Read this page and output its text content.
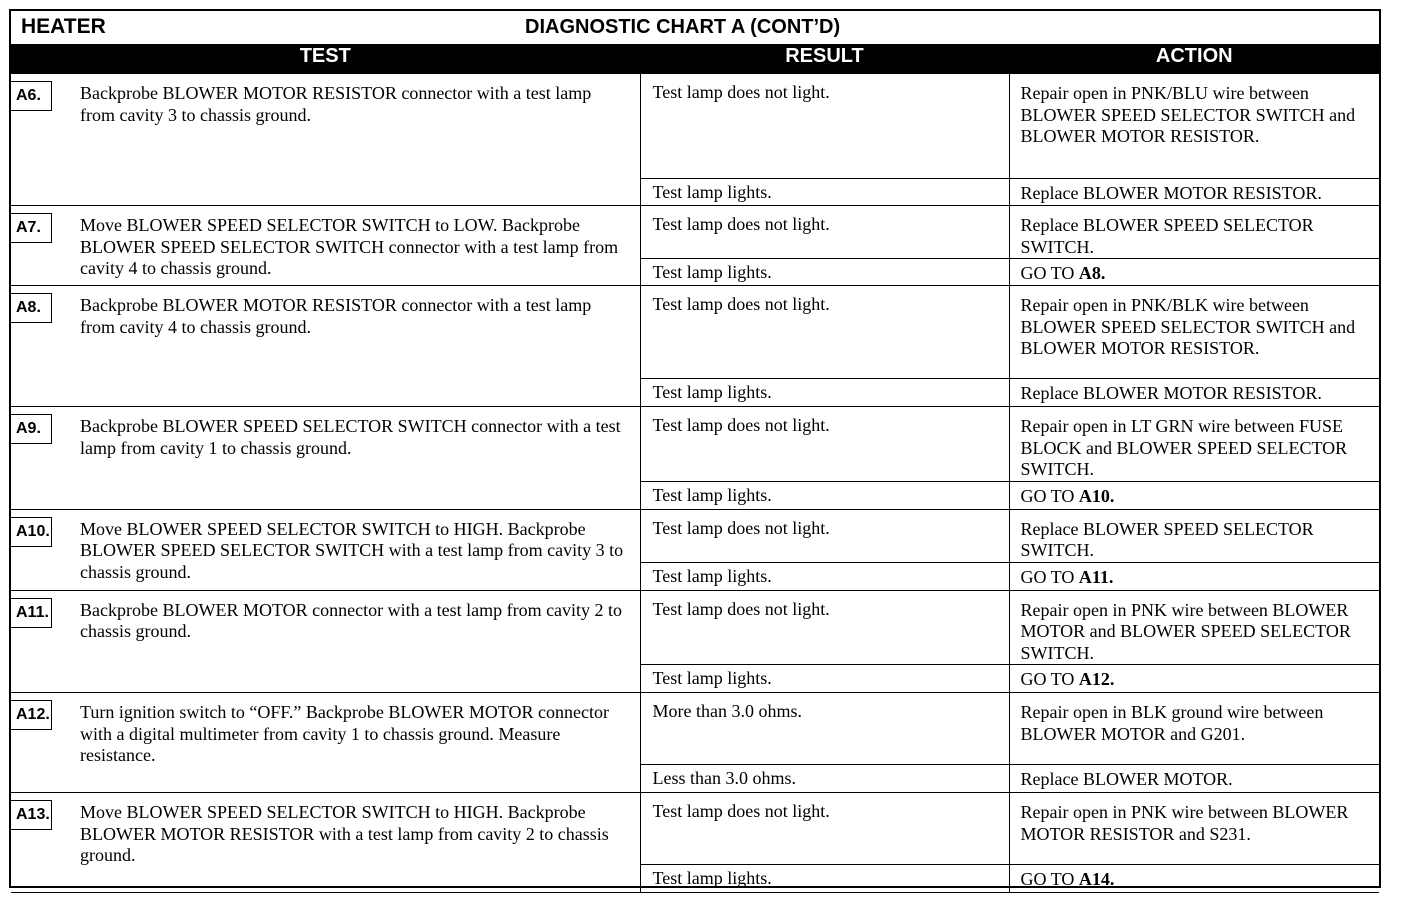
HEATER	DIAGNOSTIC CHART A (CONT’D)
TEST	RESULT	ACTION

A6. Backprobe BLOWER MOTOR RESISTOR connector with a test lamp from cavity 3 to chassis ground.	Test lamp does not light.	Repair open in PNK/BLU wire between BLOWER SPEED SELECTOR SWITCH and BLOWER MOTOR RESISTOR.
	Test lamp lights.	Replace BLOWER MOTOR RESISTOR.

A7. Move BLOWER SPEED SELECTOR SWITCH to LOW. Backprobe BLOWER SPEED SELECTOR SWITCH connector with a test lamp from cavity 4 to chassis ground.	Test lamp does not light.	Replace BLOWER SPEED SELECTOR SWITCH.
	Test lamp lights.	GO TO A8.

A8. Backprobe BLOWER MOTOR RESISTOR connector with a test lamp from cavity 4 to chassis ground.	Test lamp does not light.	Repair open in PNK/BLK wire between BLOWER SPEED SELECTOR SWITCH and BLOWER MOTOR RESISTOR.
	Test lamp lights.	Replace BLOWER MOTOR RESISTOR.

A9. Backprobe BLOWER SPEED SELECTOR SWITCH connector with a test lamp from cavity 1 to chassis ground.	Test lamp does not light.	Repair open in LT GRN wire between FUSE BLOCK and BLOWER SPEED SELECTOR SWITCH.
	Test lamp lights.	GO TO A10.

A10. Move BLOWER SPEED SELECTOR SWITCH to HIGH. Backprobe BLOWER SPEED SELECTOR SWITCH with a test lamp from cavity 3 to chassis ground.	Test lamp does not light.	Replace BLOWER SPEED SELECTOR SWITCH.
	Test lamp lights.	GO TO A11.

A11. Backprobe BLOWER MOTOR connector with a test lamp from cavity 2 to chassis ground.	Test lamp does not light.	Repair open in PNK wire between BLOWER MOTOR and BLOWER SPEED SELECTOR SWITCH.
	Test lamp lights.	GO TO A12.

A12. Turn ignition switch to “OFF.” Backprobe BLOWER MOTOR connector with a digital multimeter from cavity 1 to chassis ground. Measure resistance.	More than 3.0 ohms.	Repair open in BLK ground wire between BLOWER MOTOR and G201.
	Less than 3.0 ohms.	Replace BLOWER MOTOR.

A13. Move BLOWER SPEED SELECTOR SWITCH to HIGH. Backprobe BLOWER MOTOR RESISTOR with a test lamp from cavity 2 to chassis ground.	Test lamp does not light.	Repair open in PNK wire between BLOWER MOTOR RESISTOR and S231.
	Test lamp lights.	GO TO A14.
